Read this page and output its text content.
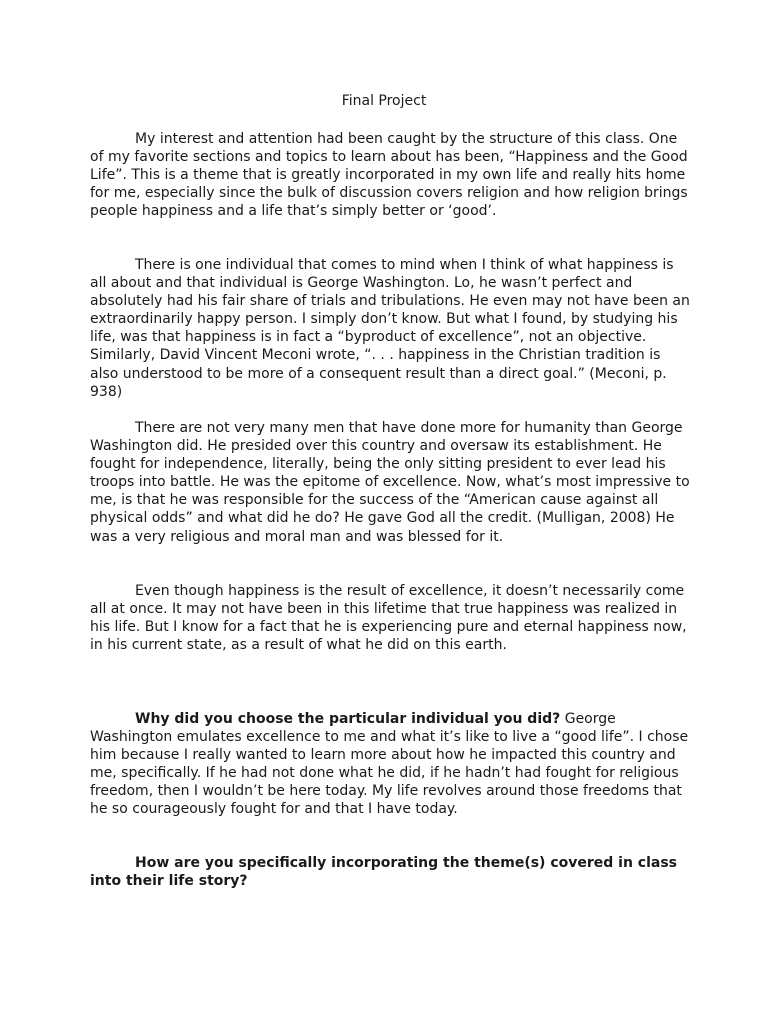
Final Project

My interest and attention had been caught by the structure of this class. One of my favorite sections and topics to learn about has been, “Happiness and the Good Life”. This is a theme that is greatly incorporated in my own life and really hits home for me, especially since the bulk of discussion covers religion and how religion brings people happiness and a life that’s simply better or ‘good’.

There is one individual that comes to mind when I think of what happiness is all about and that individual is George Washington. Lo, he wasn’t perfect and absolutely had his fair share of trials and tribulations. He even may not have been an extraordinarily happy person. I simply don’t know. But what I found, by studying his life, was that happiness is in fact a “byproduct of excellence”, not an objective. Similarly, David Vincent Meconi wrote, “. . . happiness in the Christian tradition is also understood to be more of a consequent result than a direct goal.” (Meconi, p. 938)

There are not very many men that have done more for humanity than George Washington did. He presided over this country and oversaw its establishment. He fought for independence, literally, being the only sitting president to ever lead his troops into battle. He was the epitome of excellence. Now, what’s most impressive to me, is that he was responsible for the success of the “American cause against all physical odds” and what did he do? He gave God all the credit. (Mulligan, 2008) He was a very religious and moral man and was blessed for it.

Even though happiness is the result of excellence, it doesn’t necessarily come all at once. It may not have been in this lifetime that true happiness was realized in his life. But I know for a fact that he is experiencing pure and eternal happiness now, in his current state, as a result of what he did on this earth.

Why did you choose the particular individual you did? George Washington emulates excellence to me and what it’s like to live a “good life”. I chose him because I really wanted to learn more about how he impacted this country and me, specifically. If he had not done what he did, if he hadn’t had fought for religious freedom, then I wouldn’t be here today. My life revolves around those freedoms that he so courageously fought for and that I have today.

How are you specifically incorporating the theme(s) covered in class into their life story?
